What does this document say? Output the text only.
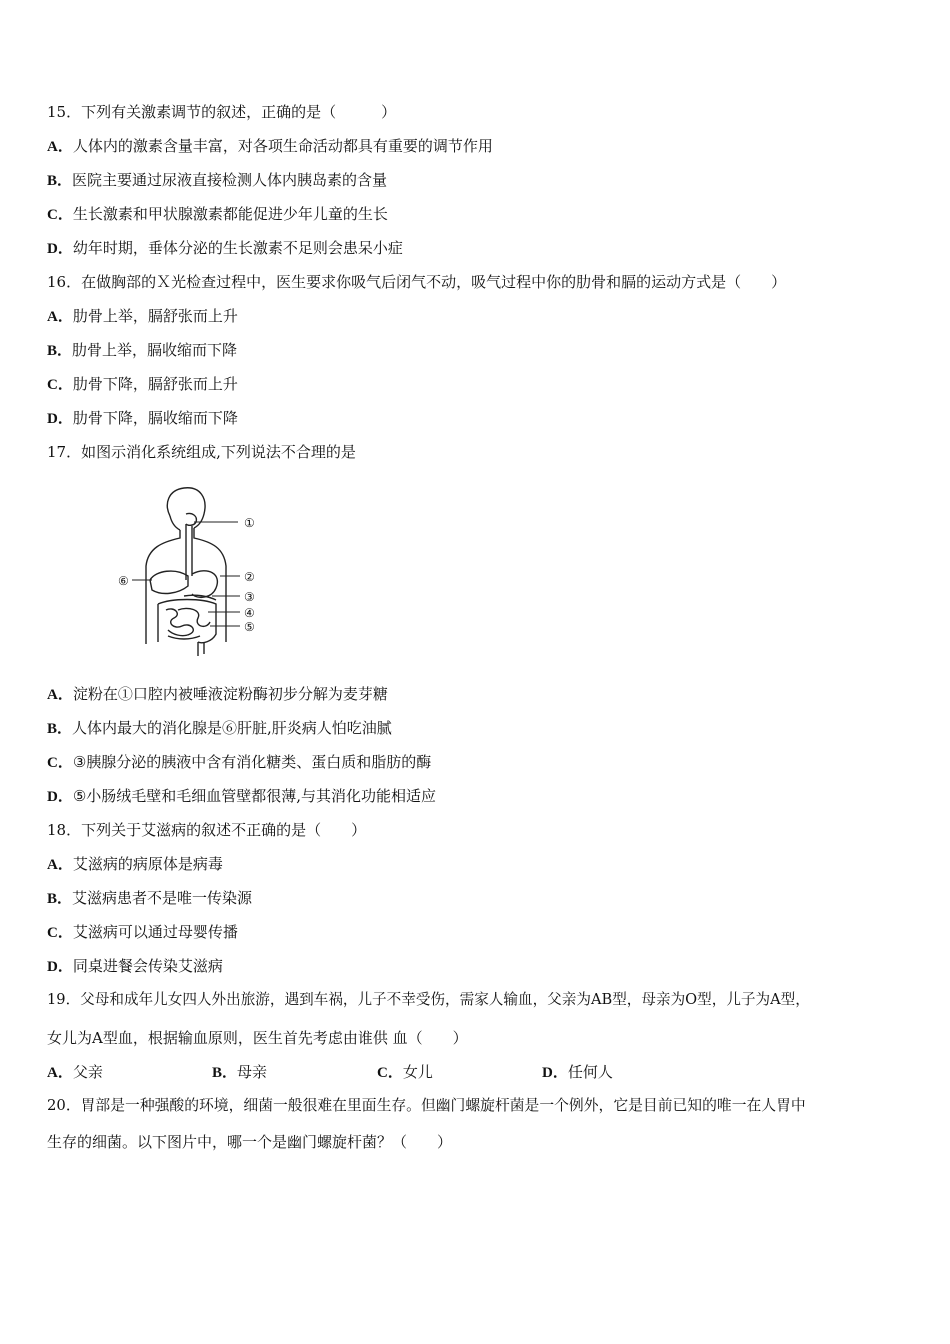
15．下列有关激素调节的叙述，正确的是（　　　）
A．人体内的激素含量丰富，对各项生命活动都具有重要的调节作用
B．医院主要通过尿液直接检测人体内胰岛素的含量
C．生长激素和甲状腺激素都能促进少年儿童的生长
D．幼年时期，垂体分泌的生长激素不足则会患呆小症
16．在做胸部的Ｘ光检查过程中，医生要求你吸气后闭气不动，吸气过程中你的肋骨和膈的运动方式是（　　）
A．肋骨上举，膈舒张而上升
B．肋骨上举，膈收缩而下降
C．肋骨下降，膈舒张而上升
D．肋骨下降，膈收缩而下降
17．如图示消化系统组成,下列说法不合理的是
①
②
③
④
⑤
⑥
A．淀粉在①口腔内被唾液淀粉酶初步分解为麦芽糖
B．人体内最大的消化腺是⑥肝脏,肝炎病人怕吃油腻
C．③胰腺分泌的胰液中含有消化糖类、蛋白质和脂肪的酶
D．⑤小肠绒毛壁和毛细血管壁都很薄,与其消化功能相适应
18．下列关于艾滋病的叙述不正确的是（　　）
A．艾滋病的病原体是病毒
B．艾滋病患者不是唯一传染源
C．艾滋病可以通过母婴传播
D．同桌进餐会传染艾滋病
19．父母和成年儿女四人外出旅游，遇到车祸，儿子不幸受伤，需家人输血，父亲为AB型，母亲为O型，儿子为A型，
女儿为A型血，根据输血原则，医生首先考虑由谁供 血（　　）
A．父亲	B．母亲	C．女儿	D．任何人
20．胃部是一种强酸的环境，细菌一般很难在里面生存。但幽门螺旋杆菌是一个例外，它是目前已知的唯一在人胃中
生存的细菌。以下图片中，哪一个是幽门螺旋杆菌？（　　）
